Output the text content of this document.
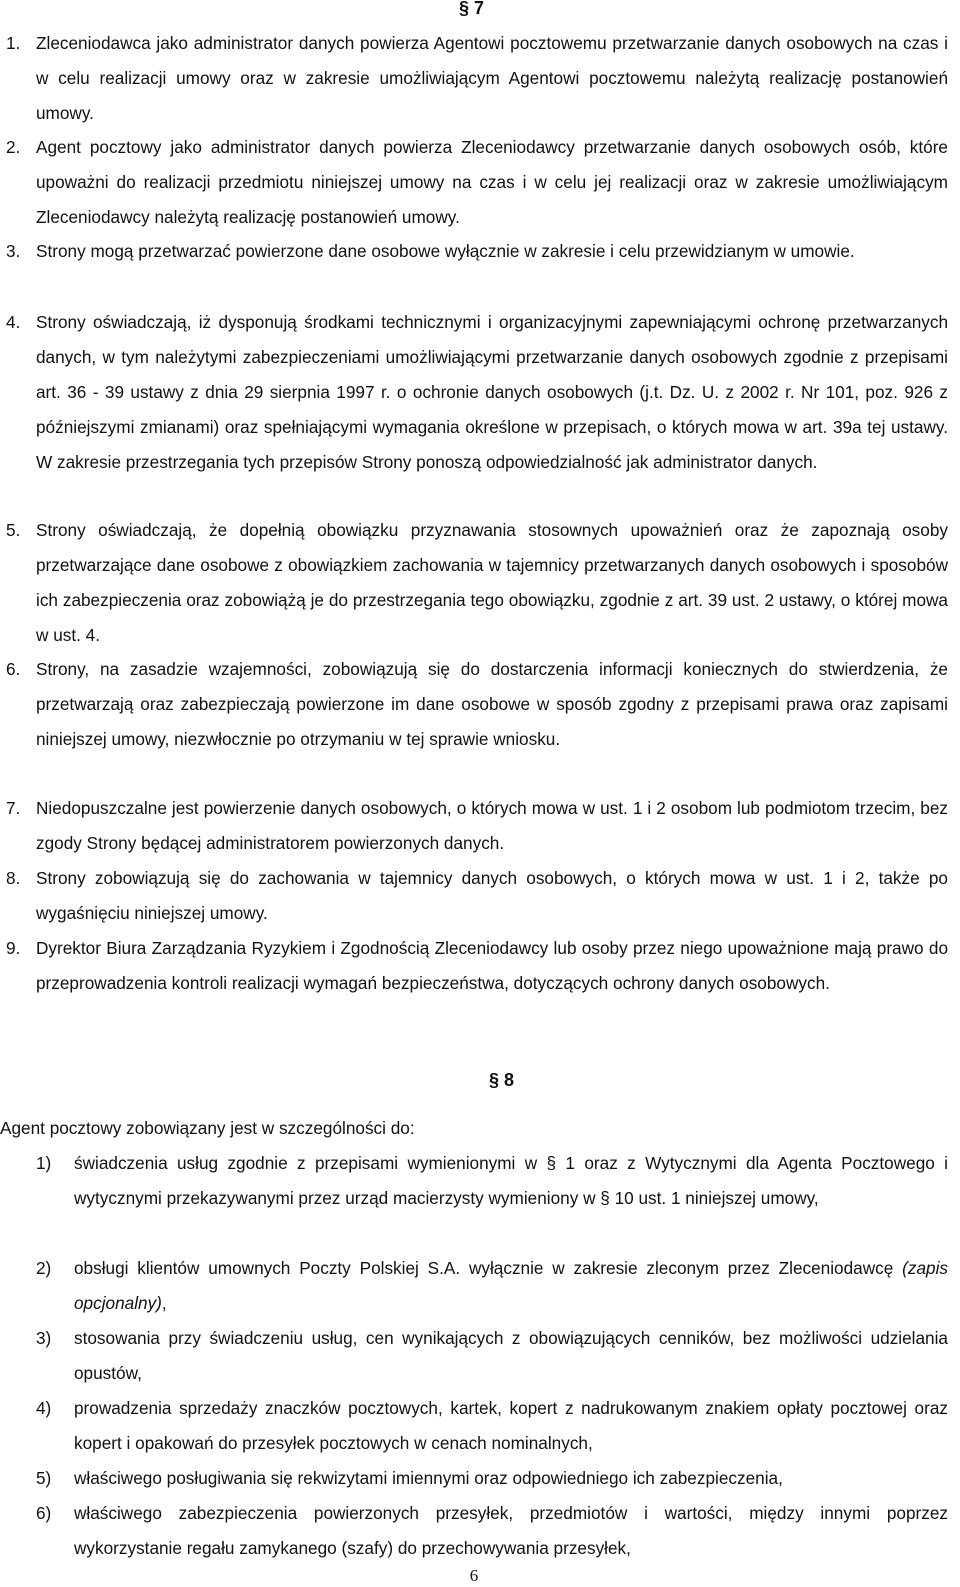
§ 7
1. Zleceniodawca jako administrator danych powierza Agentowi pocztowemu przetwarzanie danych osobowych na czas i w celu realizacji umowy oraz w zakresie umożliwiającym Agentowi pocztowemu należytą realizację postanowień umowy.
2. Agent pocztowy jako administrator danych powierza Zleceniodawcy przetwarzanie danych osobowych osób, które upoważni do realizacji przedmiotu niniejszej umowy na czas i w celu jej realizacji oraz w zakresie umożliwiającym Zleceniodawcy należytą realizację postanowień umowy.
3. Strony mogą przetwarzać powierzone dane osobowe wyłącznie w zakresie i celu przewidzianym w umowie.
4. Strony oświadczają, iż dysponują środkami technicznymi i organizacyjnymi zapewniającymi ochronę przetwarzanych danych, w tym należytymi zabezpieczeniami umożliwiającymi przetwarzanie danych osobowych zgodnie z przepisami art. 36 - 39 ustawy z dnia 29 sierpnia 1997 r. o ochronie danych osobowych (j.t. Dz. U. z 2002 r. Nr 101, poz. 926 z późniejszymi zmianami) oraz spełniającymi wymagania określone w przepisach, o których mowa w art. 39a tej ustawy. W zakresie przestrzegania tych przepisów Strony ponoszą odpowiedzialność jak administrator danych.
5. Strony oświadczają, że dopełnią obowiązku przyznawania stosownych upoważnień oraz że zapoznają osoby przetwarzające dane osobowe z obowiązkiem zachowania w tajemnicy przetwarzanych danych osobowych i sposobów ich zabezpieczenia oraz zobowiążą je do przestrzegania tego obowiązku, zgodnie z art. 39 ust. 2 ustawy, o której mowa w ust. 4.
6. Strony, na zasadzie wzajemności, zobowiązują się do dostarczenia informacji koniecznych do stwierdzenia, że przetwarzają oraz zabezpieczają powierzone im dane osobowe w sposób zgodny z przepisami prawa oraz zapisami niniejszej umowy, niezwłocznie po otrzymaniu w tej sprawie wniosku.
7. Niedopuszczalne jest powierzenie danych osobowych, o których mowa w ust. 1 i 2 osobom lub podmiotom trzecim, bez zgody Strony będącej administratorem powierzonych danych.
8. Strony zobowiązują się do zachowania w tajemnicy danych osobowych, o których mowa w ust. 1 i 2, także po wygaśnięciu niniejszej umowy.
9. Dyrektor Biura Zarządzania Ryzykiem i Zgodnością Zleceniodawcy lub osoby przez niego upoważnione mają prawo do przeprowadzenia kontroli realizacji wymagań bezpieczeństwa, dotyczących ochrony danych osobowych.
§ 8
Agent pocztowy zobowiązany jest w szczególności do:
1) świadczenia usług zgodnie z przepisami wymienionymi w § 1 oraz z Wytycznymi dla Agenta Pocztowego i wytycznymi przekazywanymi przez urząd macierzysty wymieniony w § 10 ust. 1 niniejszej umowy,
2) obsługi klientów umownych Poczty Polskiej S.A. wyłącznie w zakresie zleconym przez Zleceniodawcę (zapis opcjonalny),
3) stosowania przy świadczeniu usług, cen wynikających z obowiązujących cenników, bez możliwości udzielania opustów,
4) prowadzenia sprzedaży znaczków pocztowych, kartek, kopert z nadrukowanym znakiem opłaty pocztowej oraz kopert i opakowań do przesyłek pocztowych w cenach nominalnych,
5) właściwego posługiwania się rekwizytami imiennymi oraz odpowiedniego ich zabezpieczenia,
6) właściwego zabezpieczenia powierzonych przesyłek, przedmiotów i wartości, między innymi poprzez wykorzystanie regału zamykanego (szafy) do przechowywania przesyłek,
6
